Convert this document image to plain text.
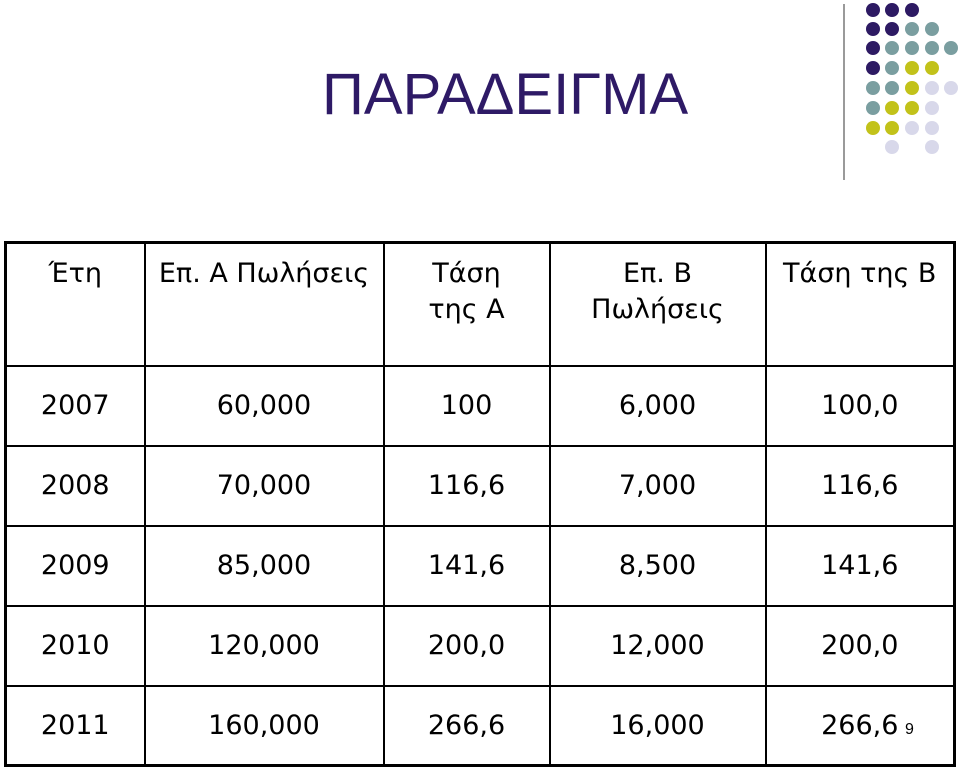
ΠΑΡΑΔΕΙΓΜΑ
Έτη	Επ. Α Πωλήσεις	Τάση της Α	Επ. Β Πωλήσεις	Τάση της Β
2007	60,000	100	6,000	100,0
2008	70,000	116,6	7,000	116,6
2009	85,000	141,6	8,500	141,6
2010	120,000	200,0	12,000	200,0
2011	160,000	266,6	16,000	266,6 9
